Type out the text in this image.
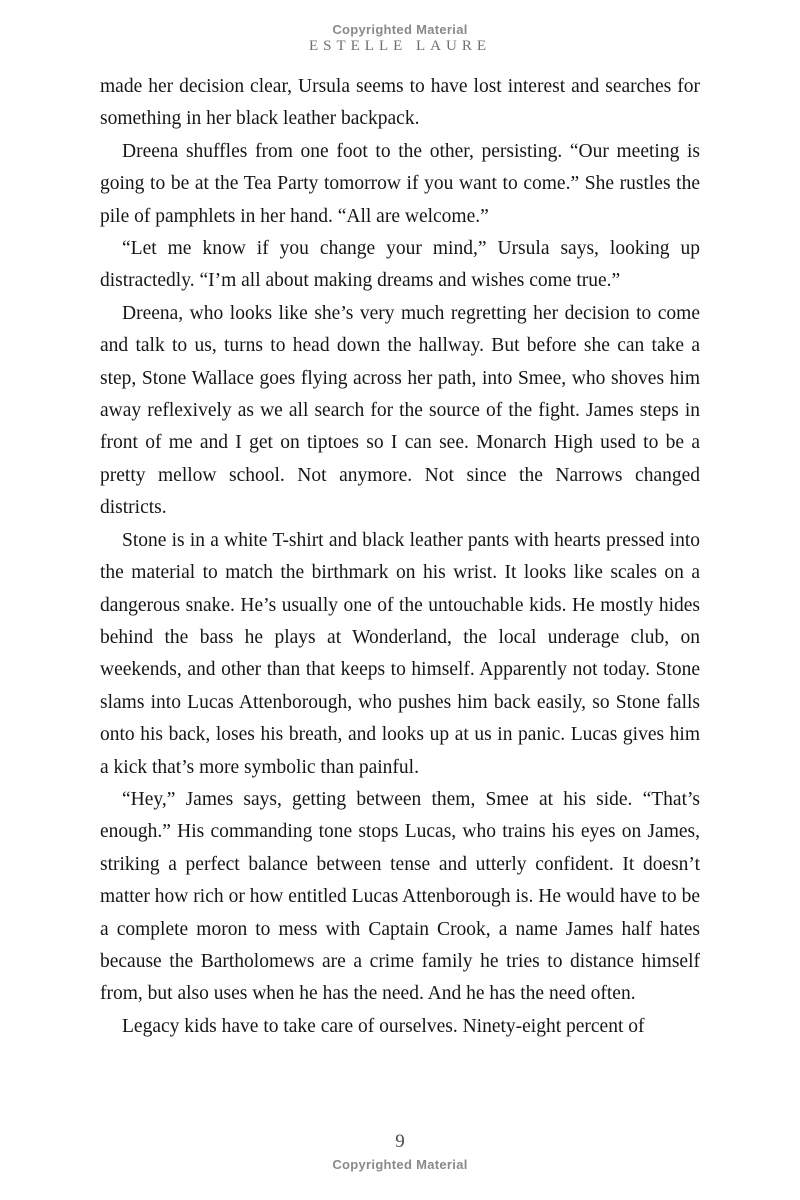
Copyrighted Material
ESTELLE LAURE

made her decision clear, Ursula seems to have lost interest and searches for something in her black leather backpack.

Dreena shuffles from one foot to the other, persisting. “Our meeting is going to be at the Tea Party tomorrow if you want to come.” She rustles the pile of pamphlets in her hand. “All are welcome.”

“Let me know if you change your mind,” Ursula says, looking up distractedly. “I’m all about making dreams and wishes come true.”

Dreena, who looks like she’s very much regretting her decision to come and talk to us, turns to head down the hallway. But before she can take a step, Stone Wallace goes flying across her path, into Smee, who shoves him away reflexively as we all search for the source of the fight. James steps in front of me and I get on tiptoes so I can see. Monarch High used to be a pretty mellow school. Not anymore. Not since the Narrows changed districts.

Stone is in a white T-shirt and black leather pants with hearts pressed into the material to match the birthmark on his wrist. It looks like scales on a dangerous snake. He’s usually one of the untouchable kids. He mostly hides behind the bass he plays at Wonderland, the local underage club, on weekends, and other than that keeps to himself. Apparently not today. Stone slams into Lucas Attenborough, who pushes him back easily, so Stone falls onto his back, loses his breath, and looks up at us in panic. Lucas gives him a kick that’s more symbolic than painful.

“Hey,” James says, getting between them, Smee at his side. “That’s enough.” His commanding tone stops Lucas, who trains his eyes on James, striking a perfect balance between tense and utterly confident. It doesn’t matter how rich or how entitled Lucas Attenborough is. He would have to be a complete moron to mess with Captain Crook, a name James half hates because the Bartholomews are a crime family he tries to distance himself from, but also uses when he has the need. And he has the need often.

Legacy kids have to take care of ourselves. Ninety-eight percent of

9
Copyrighted Material
